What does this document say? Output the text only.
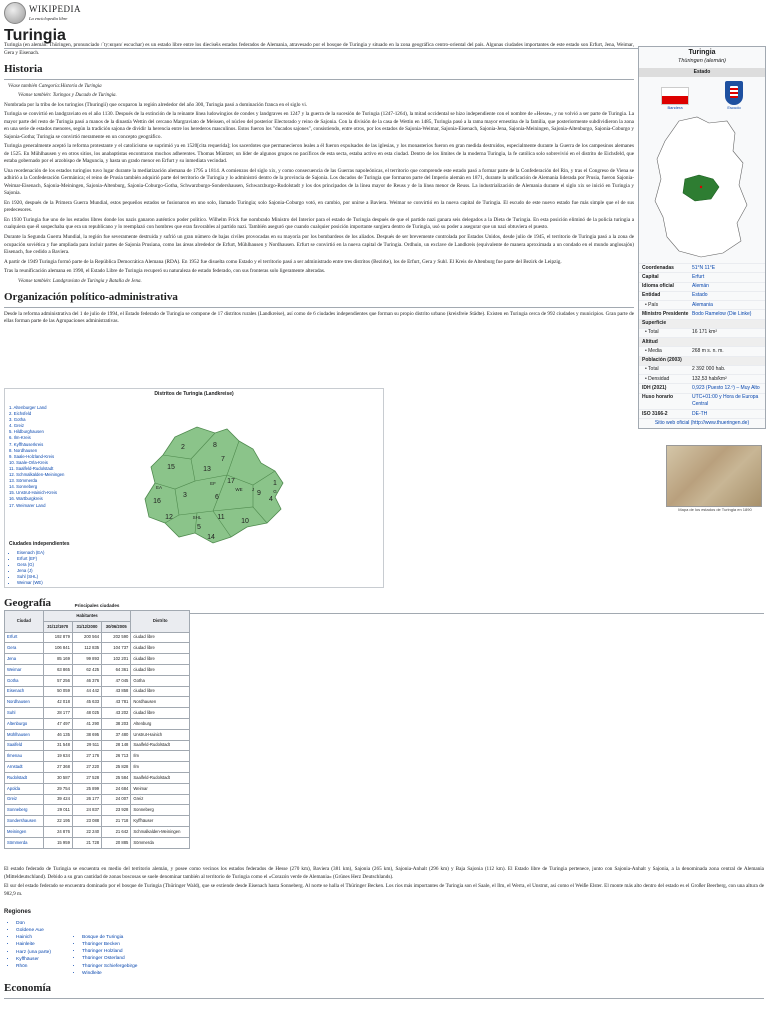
WIKIPEDIA
La enciclopedia libre
Turingia

Turingia (en alemán: Thüringen, pronunciado /ˈtyːʁɪŋən/ escuchar) es un estado libre entre los dieciséis estados federados de Alemania, atravesado por el bosque de Turingia y situado en la zona geográfica centro-oriental del país. Algunas ciudades importantes de este estado son Erfurt, Jena, Weimar, Gera y Eisenach.

Historia
Véase también Categoría:Historia de Turingia
Véanse también: Turingos y Ducado de Turingia.

Nombrada por la tribu de los turingios (Thuringii) que ocuparon la región alrededor del año 300, Turingia pasó a dominación franca en el siglo vi.

Turingia se convirtió en landgraviato en el año 1130. Después de la extinción de la reinante línea ludowingios de condes y landgraves en 1247 y la guerra de la sucesión de Turingia (1247-1264), la mitad occidental se hizo independiente con el nombre de «Hesse», y no volvió a ser parte de Turingia. La mayor parte del resto de Turingia pasó a manos de la dinastía Wettin del cercano Margraviato de Meissen, el núcleo del posterior Electorado y reino de Sajonia. Con la división de la casa de Wettin en 1485, Turingia pasó a la rama mayor ernestina de la familia, que posteriormente subdividieron la zona en una serie de estados menores, según la tradición sajona de dividir la herencia entre los herederos masculinos. Estos fueron los "ducados sajones", consistiendo, entre otros, por los estados de Sajonia-Weimar, Sajonia-Eisenach, Sajonia-Jena, Sajonia-Meiningen, Sajonia-Altenburgo, Sajonia-Coburgo y Sajonia-Gotha; Turingia se convirtió meramente en un concepto geográfico.

Turingia generalmente aceptó la reforma protestante y el catolicismo se suprimió ya en 1520[cita requerida]; los sacerdotes que permanecieron leales a él fueron expulsados de las iglesias, y los monasterios fueron en gran medida destruidos, especialmente durante la Guerra de los campesinos alemanes de 1525. En Mühlhausen y en otros sitios, los anabaptistas encontraron muchos adherentes. Thomas Müntzer, un líder de algunos grupos no pacíficos de esta secta, estaba activo en esta ciudad. Dentro de los límites de la moderna Turingia, la fe católica solo sobrevivió en el distrito de Eichsfeld, que estaba gobernado por el arzobispo de Maguncia, y hasta un grado menor en Erfurt y su inmediata vecindad.

Una reordenación de los estados turingios tuvo lugar durante la mediatización alemana de 1795 a 1814. A comienzos del siglo xix, y como consecuencia de las Guerras napoleónicas, el territorio que comprende este estado pasó a formar parte de la Confederación del Rin, y tras el Congreso de Viena se adhirió a la Confederación Germánica; el reino de Prusia también adquirió parte del territorio de Turingia y lo administró dentro de la provincia de Sajonia. Los ducados de Turingia que formaron parte del Imperio alemán en 1871, durante la unificación de Alemania liderada por Prusia, fueron Sajonia-Weimar-Eisenach, Sajonia-Meiningen, Sajonia-Altenburg, Sajonia-Coburgo-Gotha, Schwarzburgo-Sondershausen, Schwarzburgo-Rudolstadt y los dos principados de la línea mayor de Reuss y de la línea menor de Reuss. La industrialización de Alemania durante el siglo xix se inició en Turingia y Sajonia.

En 1920, después de la Primera Guerra Mundial, estos pequeños estados se fusionaron en uno solo, llamado Turingia; solo Sajonia-Coburgo votó, en cambio, por unirse a Baviera. Weimar se convirtió en la nueva capital de Turingia. El escudo de este nuevo estado fue más simple que el de sus predecesores.

En 1930 Turingia fue uno de los estados libres donde los nazis ganaron auténtico poder político. Wilhelm Frick fue nombrado Ministro del Interior para el estado de Turingia después de que el partido nazi ganara seis delegados a la Dieta de Turingia. En esta posición eliminó de la policía turingia a cualquiera que él sospechaba que era un republicano y lo reemplazó con hombres que eran favorables al partido nazi. También aseguró que cuando cualquier posición importante surgiera dentro de Turingia, usó su poder a asegurar que un nazi obtuviera el puesto.

Durante la Segunda Guerra Mundial, la región fue severamente destruida y sufrió un gran número de bajas civiles provocadas en su mayoría por los bombardeos de los aliados. Después de ser brevemente controlada por Estados Unidos, desde julio de 1945, el territorio de Turingia pasó a la zona de ocupación soviética y fue ampliada para incluir partes de Sajonia Prusiana, como las áreas alrededor de Erfurt, Mühlhausen y Nordhausen. Erfurt se convirtió en la nueva capital de Turingia. Ordhuin, un exclave de Landkreis (equivalente de manera aproximada a un condado en el mundo anglosajón) Eisenach, fue cedido a Baviera.

A partir de 1949 Turingia formó parte de la República Democrática Alemana (RDA). En 1952 fue disuelta como Estado y el territorio pasó a ser administrado entre tres distritos (Bezirke), los de Erfurt, Gera y Suhl. El Kreis de Altenburg fue parte del Bezirk de Leipzig.

Tras la reunificación alemana en 1990, el Estado Libre de Turingia recuperó su naturaleza de estado federado, con sus fronteras solo ligeramente alteradas.

Véanse también: Landgraviato de Turingia y Batalla de Jena.
Organización político-administrativa

Desde la reforma administrativa del 1 de julio de 1994, el Estado federado de Turingia se compone de 17 distritos rurales (Landkreise), así como de 6 ciudades independientes que forman su propio distrito urbano (kreisfreie Städte). Existen en Turingia cerca de 992 ciudades y municipios. Gran parte de ellas forman parte de las Agrupaciones administrativas.

Turingia
Thüringen (alemán)
Estado
Bandera	Escudo
Coordenadas	51°N 11°E
Capital	Erfurt
Idioma oficial	Alemán
Entidad	Estado
• País	Alemania
Ministro Presidente Bodo Ramelow (Die Linke)
Superficie
• Total	16 171 km²
Altitud
• Media	268 m s. n. m.
Población (2003)
• Total	2 392 000 hab.
• Densidad	132,53 hab/km²
IDH (2021)	0,923 (Puesto 12.º) – Muy Alto
Huso horario	UTC+01:00 y Hora de Europa Central
ISO 3166-2	DE-TH
Sitio web oficial (http://www.thueringen.de)
Mapa de los estados de Turingia en 1890
Distritos de Turingia (Landkreise)
1. Altenburger Land
2. Eichsfeld
3. Gotha
4. Greiz
5. Hildburghausen
6. Ilm-Kreis
7. Kyffhäuserkreis
8. Nordhausen
9. Saale-Holzland-Kreis
10. Saale-Orla-Kreis
11. Saalfeld-Rudolstadt
12. Schmalkalden-Meiningen
13. Sömmerda
14. Sonneberg
15. Unstrut-Hainich-Kreis
16. Wartburgkreis
17. Weimarer Land
Ciudades independientes
• Eisenach (EA)
• Erfurt (EF)
• Gera (G)
• Jena (J)
• Suhl (SHL)
• Weimar (WE)
8
2
7
15	13
16
3
17
4
1
9
6
11
10
12
5
14
WE
EF
J
EA
SHL
G
Geografía	Principales ciudades
Ciudad	Habitantes			Distrito
	31/12/1970	31/12/2000	30/06/2005	
Erfurt	192 879	200 564	202 590	ciudad libre
Gera	106 841	112 835	104 737	ciudad libre
Jena	85 169	99 893	102 201	ciudad libre
Weimar	63 865	62 425	64 361	ciudad libre
Gotha	57 256	46 376	47 045	Gotha
Eisenach	50 059	44 442	43 858	ciudad libre
Nordhausen	42 018	45 633	43 781	Nordhausen
Suhl	28 177	48 025	43 202	ciudad libre
Altenburgo	47 497	41 290	38 203	Altenburg
Mühlhausen	46 135	38 695	37 480	Unstrut-Hainich
Saalfeld	31 548	29 511	28 148	Saalfeld-Rudolstadt
Ilmenau	19 634	27 176	26 713	Ilm
Arnstadt	27 368	27 220	25 828	Ilm
Rudolstadt	30 587	27 528	25 584	Saalfeld-Rudolstadt
Apolda	29 754	25 899	24 684	Weimar
Greiz	39 424	26 177	24 007	Greiz
Sonneberg	29 011	24 837	23 928	Sonneberg
Sondershausen	22 195	23 088	21 718	Kyffhäuser
Meiningen	24 876	22 240	21 642	Schmalkalden-Meiningen
Sömmerda	15 959	21 728	20 885	Sömmerda

El estado federado de Turingia se encuentra en medio del territorio alemán, y posee como vecinos los estados federados de Hesse (270 km), Baviera (381 km), Sajonia (265 km), Sajonia-Anhalt (296 km) y Baja Sajonia (112 km). El Estado libre de Turingia pertenece, junto con Sajonia-Anhalt y Sajonia, a la denominada zona central de Alemania (Mitteldeutschland). Debido a su gran cantidad de zonas boscosas se suele denominar también al territorio de Turingia como el «Corazón verde de Alemania» (Grünes Herz Deutschlands).

El sur del estado federado se encuentra dominado por el bosque de Turingia (Thüringer Wald), que se extiende desde Eisenach hasta Sonneberg. Al norte se halla el Thüringer Becken. Los ríos más importantes de Turingia son el Saale, el Ilm, el Werra, el Unstrut, así como el Weiße Elster. El monte más alto dentro del estado es el Großer Beerberg, con una altura de 982,9 m.

Regiones
• Dün
• Goldene Aue
• Hainich
• Hainleite
• Harz (una parte)
• Kyffhäuser
• Rhön
• Bosque de Turingia
• Thüringer Becken
• Thüringer Holzland
• Thüringer Osterland
• Thüringer Schiefergebirge
• Windleite
Economía
